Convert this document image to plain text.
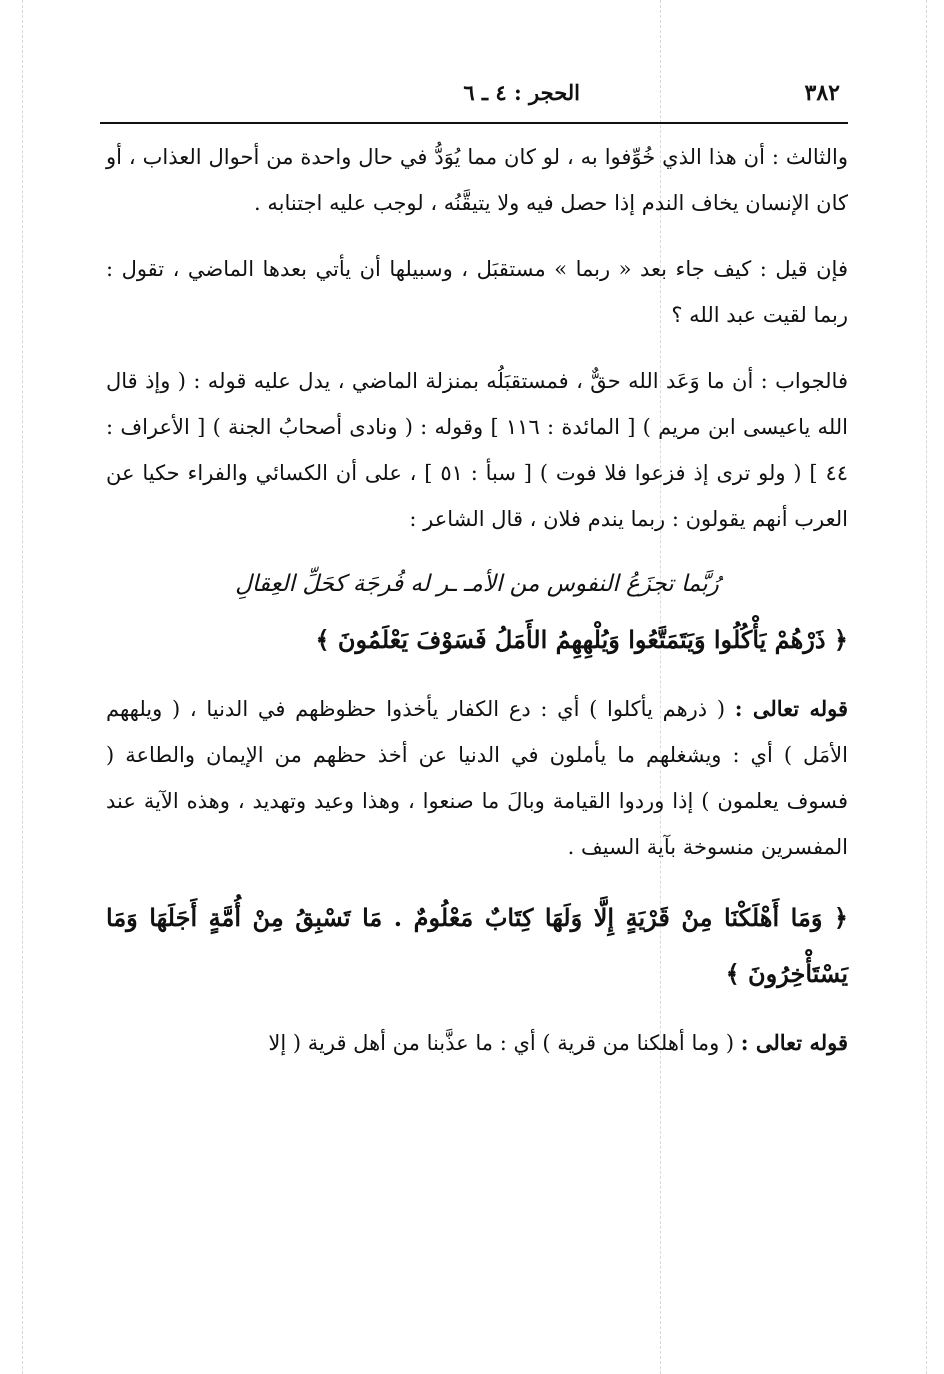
٣٨٢
الحجر : ٤ ـ ٦

والثالث : أن هذا الذي خُوِّفوا به ، لو كان مما يُوَدُّ في حال واحدة من أحوال العذاب ، أو كان الإنسان يخاف الندم إذا حصل فيه ولا يتيقَّنُه ، لوجب عليه اجتنابه .

فإن قيل : كيف جاء بعد « ربما » مستقبَل ، وسبيلها أن يأتي بعدها الماضي ، تقول : ربما لقيت عبد الله ؟

فالجواب : أن ما وَعَد الله حقٌّ ، فمستقبَلُه بمنزلة الماضي ، يدل عليه قوله : ( وإذ قال الله ياعيسى ابن مريم ) [ المائدة : ١١٦ ] وقوله : ( ونادى أصحابُ الجنة ) [ الأعراف : ٤٤ ] ( ولو ترى إذ فزعوا فلا فوت ) [ سبأ : ٥١ ] ، على أن الكسائي والفراء حكيا عن العرب أنهم يقولون : ربما يندم فلان ، قال الشاعر :

رُبَّما تجزَعُ النفوس من الأمـ ـر له فُرجَة كحَلِّ العِقالِ

﴿ ذَرْهُمْ يَأْكُلُوا وَيَتَمَتَّعُوا وَيُلْهِهِمُ الأَمَلُ فَسَوْفَ يَعْلَمُونَ ﴾

قوله تعالى : ( ذرهم يأكلوا ) أي : دع الكفار يأخذوا حظوظهم في الدنيا ، ( ويلههم الأمَل ) أي : ويشغلهم ما يأملون في الدنيا عن أخذ حظهم من الإيمان والطاعة ( فسوف يعلمون ) إذا وردوا القيامة وبالَ ما صنعوا ، وهذا وعيد وتهديد ، وهذه الآية عند المفسرين منسوخة بآية السيف .

﴿ وَمَا أَهْلَكْنَا مِنْ قَرْيَةٍ إِلَّا وَلَهَا كِتَابٌ مَعْلُومٌ . مَا تَسْبِقُ مِنْ أُمَّةٍ أَجَلَهَا وَمَا يَسْتَأْخِرُونَ ﴾

قوله تعالى : ( وما أهلكنا من قرية ) أي : ما عذَّبنا من أهل قرية ( إلا
